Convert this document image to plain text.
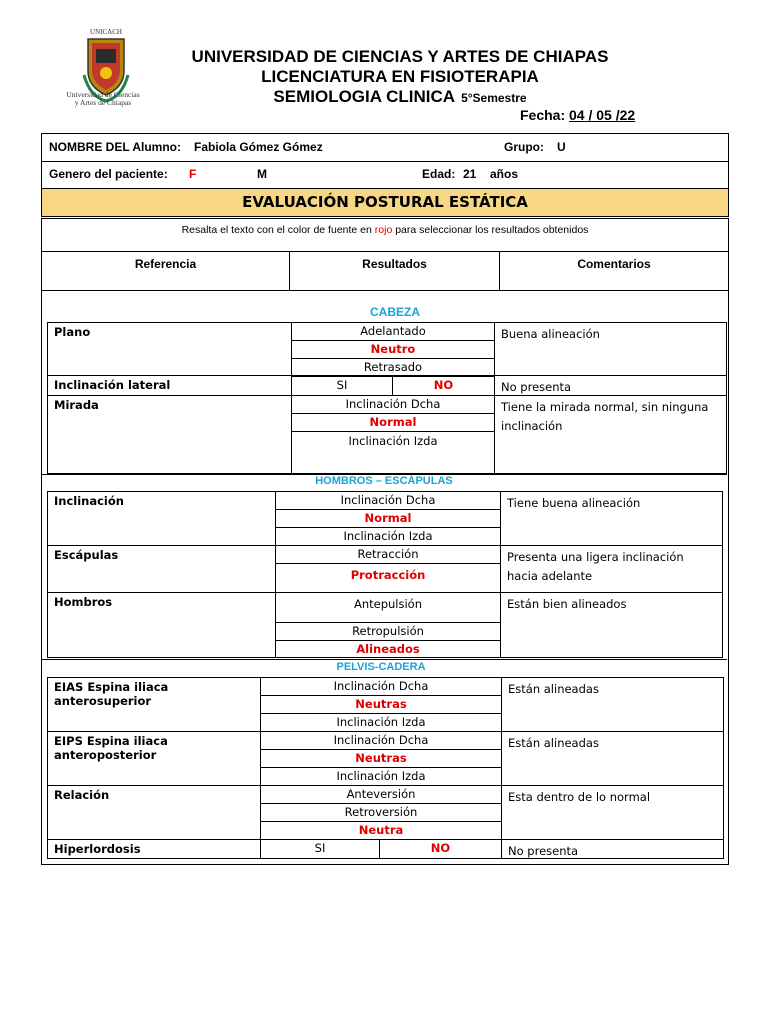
UNICACH
Universidad de Ciencias
y Artes de Chiapas
UNIVERSIDAD DE CIENCIAS Y ARTES DE CHIAPAS
LICENCIATURA EN FISIOTERAPIA
SEMIOLOGIA CLINICA 5°Semestre
Fecha: 04 / 05 /22
NOMBRE DEL Alumno: Fabiola Gómez Gómez	Grupo: U
Genero del paciente: F	M	Edad: 21 años
EVALUACIÓN POSTURAL ESTÁTICA
Resalta el texto con el color de fuente en rojo para seleccionar los resultados obtenidos
Referencia	Resultados	Comentarios
CABEZA
Plano	Adelantado
Neutro
Retrasado
Buena alineación
Inclinación lateral	SI	NO	No presenta
Mirada	Inclinación Dcha
Normal
Inclinación Izda
Tiene la mirada normal, sin ninguna inclinación
HOMBROS – ESCÁPULAS
Inclinación	Inclinación Dcha
Normal
Inclinación Izda
Tiene buena alineación
Escápulas	Retracción
Protracción
Presenta una ligera inclinación hacia adelante
Hombros	Antepulsión
Retropulsión
Alineados
Están bien alineados
PELVIS-CADERA
EIAS Espina iliaca anterosuperior
Inclinación Dcha
Neutras
Inclinación Izda
Están alineadas
EIPS Espina iliaca anteroposterior
Inclinación Dcha
Neutras
Inclinación Izda
Están alineadas
Relación	Anteversión
Retroversión
Neutra
Esta dentro de lo normal
Hiperlordosis	SI	NO	No presenta
